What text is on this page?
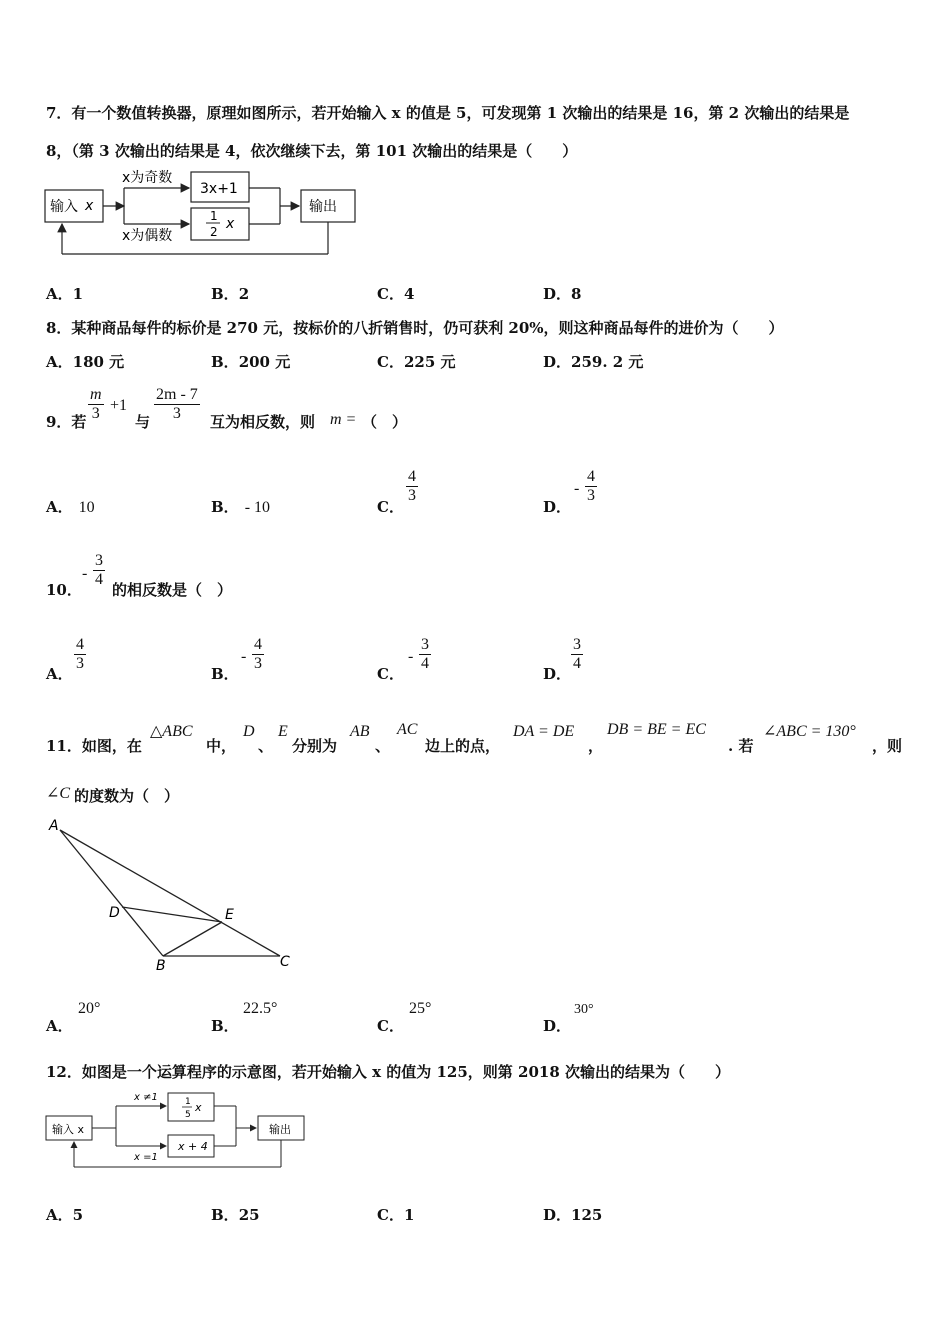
7．有一个数值转换器，原理如图所示，若开始输入 x 的值是 5，可发现第 1 次输出的结果是 16，第 2 次输出的结果是
8，（第 3 次输出的结果是 4，依次继续下去，第 101 次输出的结果是（　　）
输入 x
x为奇数
x为偶数
3x+1
1
2 x
输出
A．1	B．2	C．4	D．8
8．某种商品每件的标价是 270 元，按标价的八折销售时，仍可获利 20%，则这种商品每件的进价为（　　）
A．180 元	B．200 元	C．225 元	D．259. 2 元
9．若 $\frac{m}{3} +1$
与 $\frac{2m - 7}{3}$ 互为相反数，则 m = （　）
A． 10	B． - 10	C．
$\frac{4}{3}$
D．
- $\frac{4}{3}$
10．
- $\frac{3}{4}$
的相反数是（　）
A．
$\frac{4}{3}$
B．
- $\frac{4}{3}$
C．
- $\frac{3}{4}$
D．
$\frac{3}{4}$
11．如图，在
△ABC
中，
D
、
E
分别为
AB
、
AC
边上的点，
DA = DE
，
DB = BE = EC
. 若
∠ABC = 130°
，则
∠C 的度数为（　）
A
D	E
B	C
A．
20°
B．
22.5°
C．
25°
D．
30°
12．如图是一个运算程序的示意图，若开始输入 x 的值为 125，则第 2018 次输出的结果为（　　）
输入 x
x ≠1
x =1
1
5
x
x + 4
输出
A．5	B．25	C．1	D．125
